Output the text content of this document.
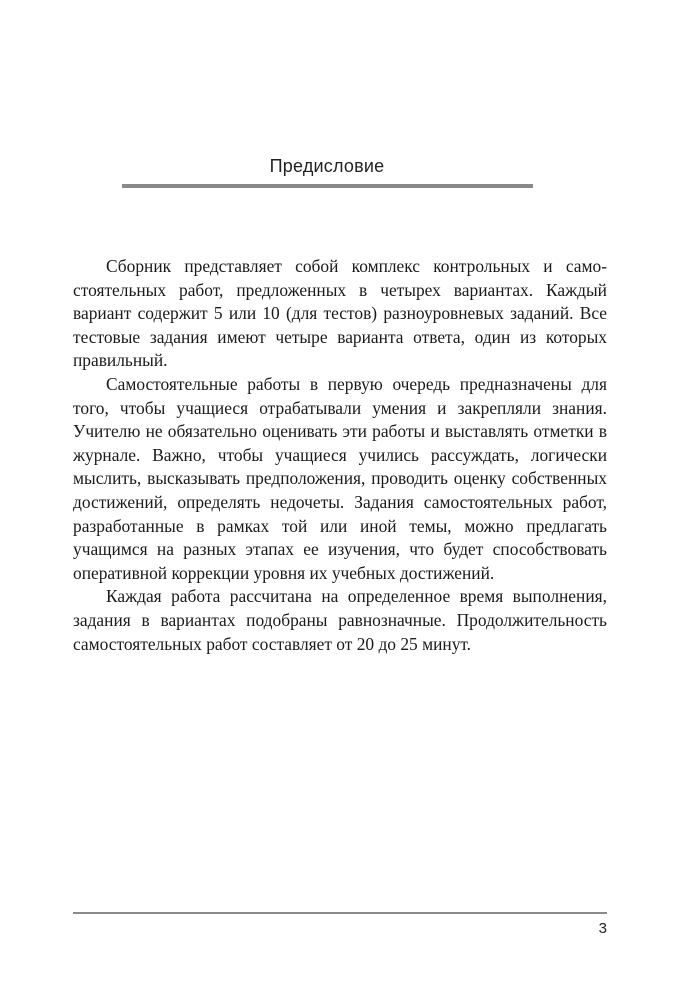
Предисловие

Сборник представляет собой комплекс контрольных и самостоятельных работ, предложенных в четырех вариантах. Каждый вариант содержит 5 или 10 (для тестов) разноуровневых заданий. Все тестовые задания имеют четыре варианта ответа, один из которых правильный.

Самостоятельные работы в первую очередь предназначены для того, чтобы учащиеся отрабатывали умения и закрепляли знания. Учителю не обязательно оценивать эти работы и выставлять отметки в журнале. Важно, чтобы учащиеся учились рассуждать, логически мыслить, высказывать предположения, проводить оценку собственных достижений, определять недочеты. Задания самостоятельных работ, разработанные в рамках той или иной темы, можно предлагать учащимся на разных этапах ее изучения, что будет способствовать оперативной коррекции уровня их учебных достижений.

Каждая работа рассчитана на определенное время выполнения, задания в вариантах подобраны равнозначные. Продолжительность самостоятельных работ составляет от 20 до 25 минут.

3
